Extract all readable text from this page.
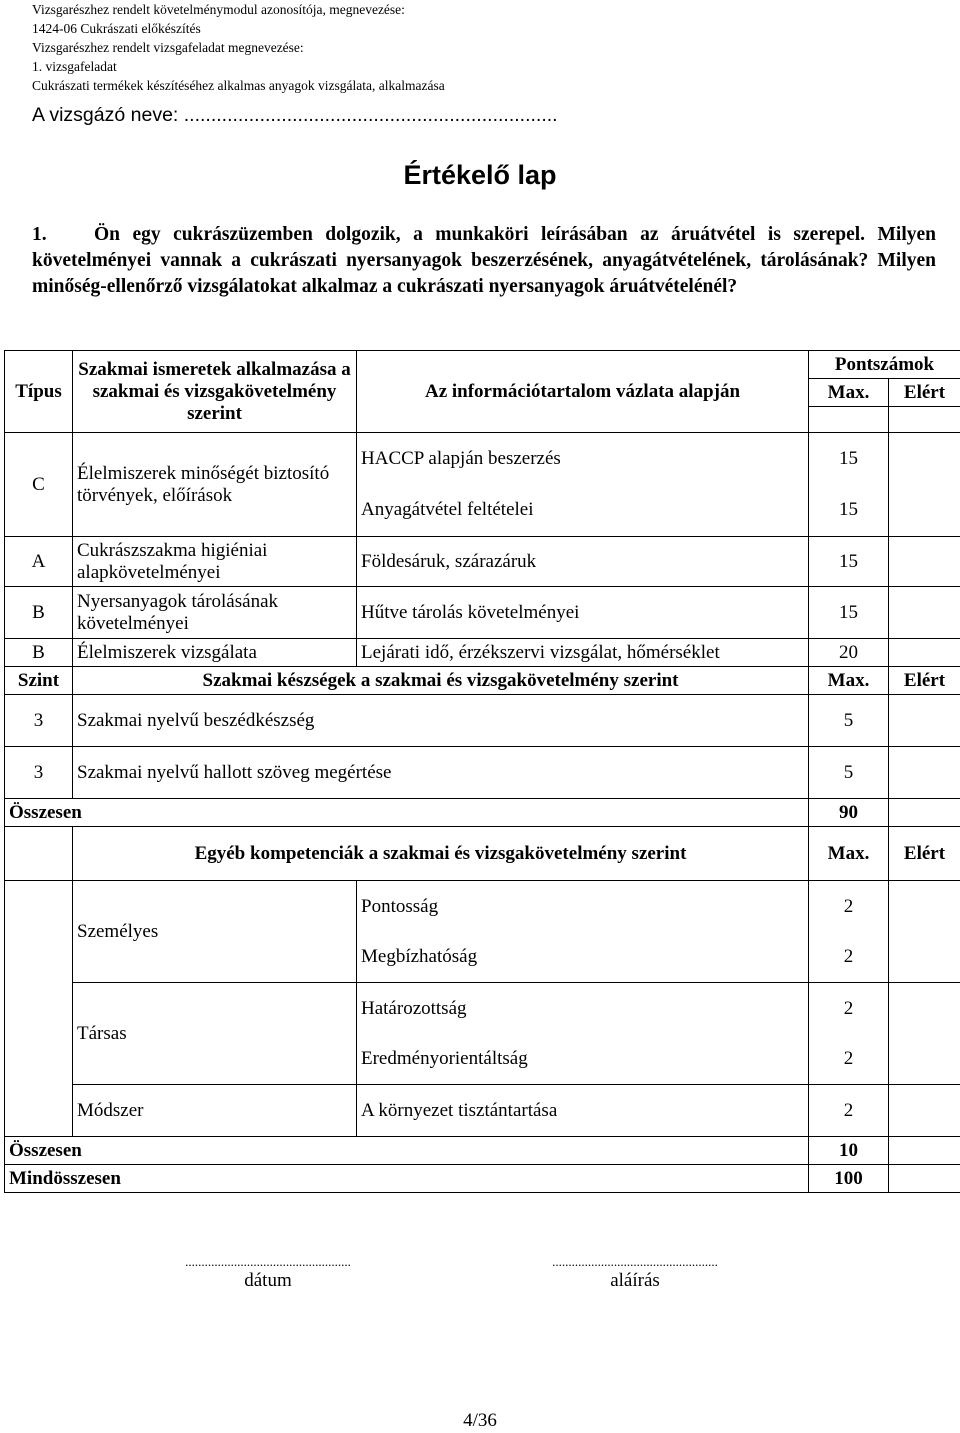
Vizsgarészhez rendelt követelménymodul azonosítója, megnevezése:
1424-06 Cukrászati előkészítés
Vizsgarészhez rendelt vizsgafeladat megnevezése:
1. vizsgafeladat
Cukrászati termékek készítéséhez alkalmas anyagok vizsgálata, alkalmazása
A vizsgázó neve: .....................................................................
Értékelő lap
1. Ön egy cukrászüzemben dolgozik, a munkaköri leírásában az áruátvétel is szerepel. Milyen követelményei vannak a cukrászati nyersanyagok beszerzésének, anyagátvételének, tárolásának? Milyen minőség-ellenőrző vizsgálatokat alkalmaz a cukrászati nyersanyagok áruátvételénél?
Típus	Szakmai ismeretek alkalmazása a szakmai és vizsgakövetelmény szerint	Az információtartalom vázlata alapján	Pontszámok	
			Max.	Elért

C	Élelmiszerek minőségét biztosító törvények, előírások	HACCP alapján beszerzés	15	
		Anyagátvétel feltételei	15	
A	Cukrászszakma higiéniai alapkövetelményei	Földesáruk, szárazáruk	15	
B	Nyersanyagok tárolásának követelményei	Hűtve tárolás követelményei	15	
B	Élelmiszerek vizsgálata	Lejárati idő, érzékszervi vizsgálat, hőmérséklet	20	
Szint	Szakmai készségek a szakmai és vizsgakövetelmény szerint		Max.	Elért
3	Szakmai nyelvű beszédkészség		5	
3	Szakmai nyelvű hallott szöveg megértése		5	
Összesen			90	
	Egyéb kompetenciák a szakmai és vizsgakövetelmény szerint		Max.	Elért
	Személyes	Pontosság	2	
		Megbízhatóság	2	
	Társas	Határozottság	2	
		Eredményorientáltság	2	
	Módszer	A környezet tisztántartása	2	
Összesen			10	
Mindösszesen			100	
...................................................
dátum
...................................................
aláírás
4/36
